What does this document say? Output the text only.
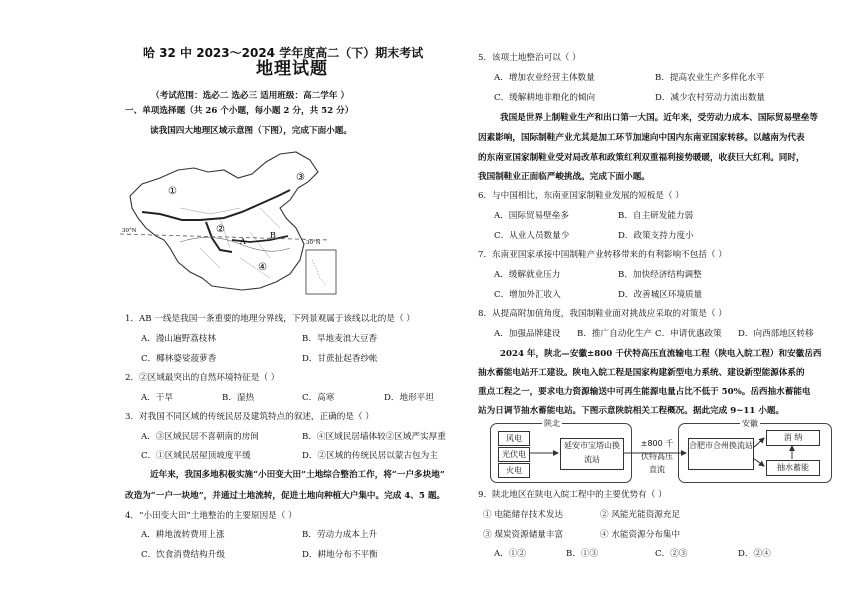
哈 32 中 2023～2024 学年度高二（下）期末考试
地理试题
（考试范围：选必二 选必三 适用班级：高二学年 ）
一、单项选择题（共 26 个小题，每小题 2 分，共 52 分）
读我国四大地理区域示意图（下图），完成下面小题。
①
②
③
④
A
B
30°N
30°N
1．AB 一线是我国一条重要的地理分界线，下列景观属于该线以北的是（ ）
A．漫山遍野荔枝林	B．旱地麦浪大豆香
C．椰林婆娑菠萝香	D．甘蔗扯起香纱帐
2．②区域最突出的自然环境特征是（ ）
A．干旱	B．湿热	C．高寒	D．地形平坦
3．对我国不同区域的传统民居及建筑特点的叙述，正确的是（ ）
A．③区域民居不喜朝南的房间	B．④区域民居墙体较②区域严实厚重
C．①区域民居屋顶坡度平缓	D．②区域的传统民居以蒙古包为主
近年来，我国多地积极实施“小田变大田”土地综合整治工作，将“一户多块地”
改造为“一户一块地”，并通过土地流转，促进土地向种植大户集中。完成 4、5 题。
4．“小田变大田”土地整治的主要原因是（ ）
A．耕地流转费用上涨	B．劳动力成本上升
C．饮食消费结构升级	D．耕地分布不平衡
5．该项土地整治可以（ ）
A．增加农业经营主体数量	B．提高农业生产多样化水平
C．缓解耕地非粮化的倾向	D．减少农村劳动力流出数量
我国是世界上制鞋业生产和出口第一大国。近年来，受劳动力成本、国际贸易壁垒等
因素影响，国际制鞋产业尤其是加工环节加速向中国内东南亚国家转移。以越南为代表
的东南亚国家制鞋业受对局改革和政策红利双重福利接势暖暖，收获巨大红利。同时，
我国制鞋业正面临严峻挑战。完成下面小题。
6．与中国相比，东南亚国家制鞋业发展的短板是（ ）
A．国际贸易壁垒多	B．自主研发能力弱
C．从业人员数量少	D．政策支持力度小
7．东南亚国家承接中国制鞋产业转移带来的有利影响不包括（ ）
A．缓解就业压力	B．加快经济结构调整
C．增加外汇收入	D．改善城区环境质量
8．从提高附加值角度，我国制鞋业面对挑战应采取的对策是（ ）
A．加强品牌建设 B．推广自动化生产 C．申请优惠政策 D．向西部地区转移
2024 年，陕北—安徽±800 千伏特高压直流输电工程（陕电入皖工程）和安徽岳西
抽水蓄能电站开工建设。陕电入皖工程是国家构建新型电力系统、建设新型能源体系的
重点工程之一，要求电力资源输送中可再生能源电量占比不低于 50%。岳西抽水蓄能电
站为日调节抽水蓄能电站。下图示意陕皖相关工程概况。据此完成 9~11 小题。
陕北	安徽
风电
光伏电
火电
延安市宝塔山换流站
±800 千伏特高压直流
合肥市合州换流站
消 纳
抽水蓄能
9．陕北地区在陕电入皖工程中的主要优势有（ ）
① 电能储存技术发达	② 风能光能资源充足
③ 煤炭资源储量丰富	④ 水能资源分布集中
A．①②	B．①③	C．②③	D．②④
